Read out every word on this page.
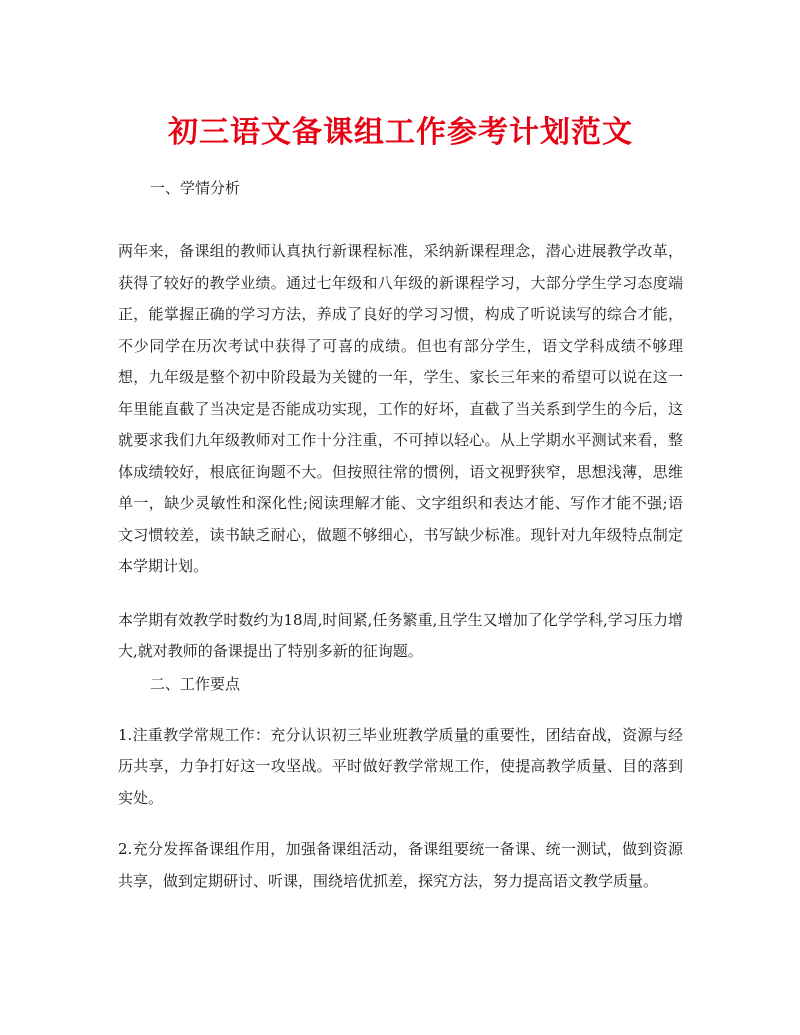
初三语文备课组工作参考计划范文

一、学情分析

两年来，备课组的教师认真执行新课程标准，采纳新课程理念，潜心进展教学改革，获得了较好的教学业绩。通过七年级和八年级的新课程学习，大部分学生学习态度端正，能掌握正确的学习方法，养成了良好的学习习惯，构成了听说读写的综合才能，不少同学在历次考试中获得了可喜的成绩。但也有部分学生，语文学科成绩不够理想，九年级是整个初中阶段最为关键的一年，学生、家长三年来的希望可以说在这一年里能直截了当决定是否能成功实现，工作的好坏，直截了当关系到学生的今后，这就要求我们九年级教师对工作十分注重，不可掉以轻心。从上学期水平测试来看，整体成绩较好，根底征询题不大。但按照往常的惯例，语文视野狭窄，思想浅薄，思维单一，缺少灵敏性和深化性;阅读理解才能、文字组织和表达才能、写作才能不强;语文习惯较差，读书缺乏耐心，做题不够细心，书写缺少标准。现针对九年级特点制定本学期计划。

本学期有效教学时数约为18周,时间紧,任务繁重,且学生又增加了化学学科,学习压力增大,就对教师的备课提出了特别多新的征询题。

二、工作要点

1.注重教学常规工作：充分认识初三毕业班教学质量的重要性，团结奋战，资源与经历共享，力争打好这一攻坚战。平时做好教学常规工作，使提高教学质量、目的落到实处。

2.充分发挥备课组作用，加强备课组活动，备课组要统一备课、统一测试，做到资源共享，做到定期研讨、听课，围绕培优抓差，探究方法，努力提高语文教学质量。
